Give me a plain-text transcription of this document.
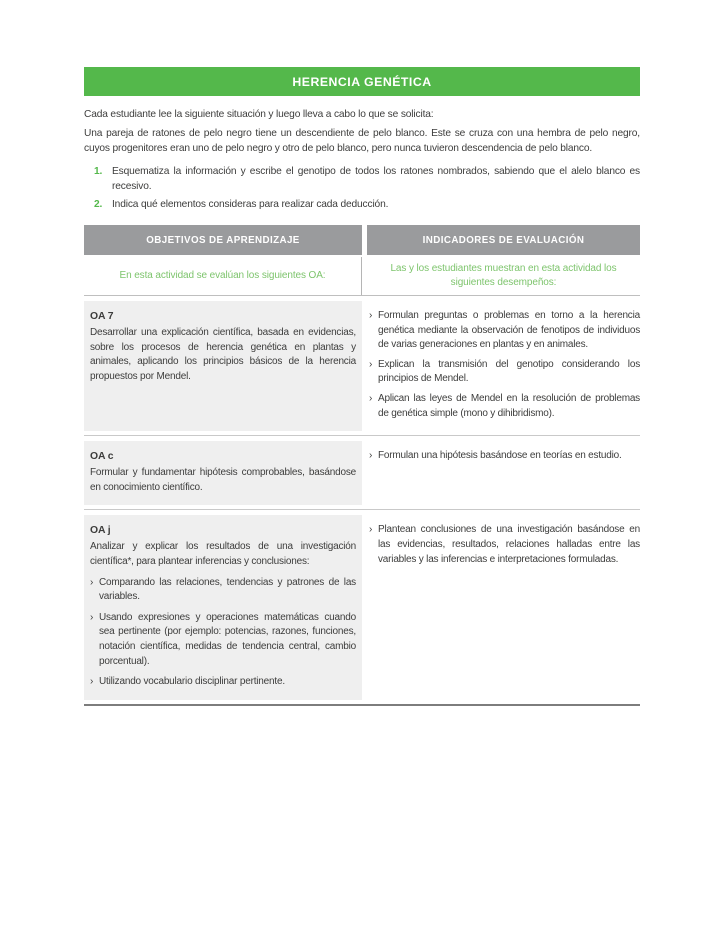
HERENCIA GENÉTICA

Cada estudiante lee la siguiente situación y luego lleva a cabo lo que se solicita:

Una pareja de ratones de pelo negro tiene un descendiente de pelo blanco. Este se cruza con una hembra de pelo negro, cuyos progenitores eran uno de pelo negro y otro de pelo blanco, pero nunca tuvieron descendencia de pelo blanco.

1. Esquematiza la información y escribe el genotipo de todos los ratones nombrados, sabiendo que el alelo blanco es recesivo.
2. Indica qué elementos consideras para realizar cada deducción.
OBJETIVOS DE APRENDIZAJE	INDICADORES DE EVALUACIÓN
En esta actividad se evalúan los siguientes OA:
Las y los estudiantes muestran en esta actividad los siguientes desempeños:

OA 7

Desarrollar una explicación científica, basada en evidencias, sobre los procesos de herencia genética en plantas y animales, aplicando los principios básicos de la herencia propuestos por Mendel.

› Formulan preguntas o problemas en torno a la herencia genética mediante la observación de fenotipos de individuos de varias generaciones en plantas y en animales.
› Explican la transmisión del genotipo considerando los principios de Mendel.
› Aplican las leyes de Mendel en la resolución de problemas de genética simple (mono y dihibridismo).

OA c

Formular y fundamentar hipótesis comprobables, basándose en conocimiento científico.

› Formulan una hipótesis basándose en teorías en estudio.

OA j

Analizar y explicar los resultados de una investigación científica*, para plantear inferencias y conclusiones:

› Comparando las relaciones, tendencias y patrones de las variables.
› Usando expresiones y operaciones matemáticas cuando sea pertinente (por ejemplo: potencias, razones, funciones, notación científica, medidas de tendencia central, cambio porcentual).
› Utilizando vocabulario disciplinar pertinente.
› Plantean conclusiones de una investigación basándose en las evidencias, resultados, relaciones halladas entre las variables y las inferencias e interpretaciones formuladas.
